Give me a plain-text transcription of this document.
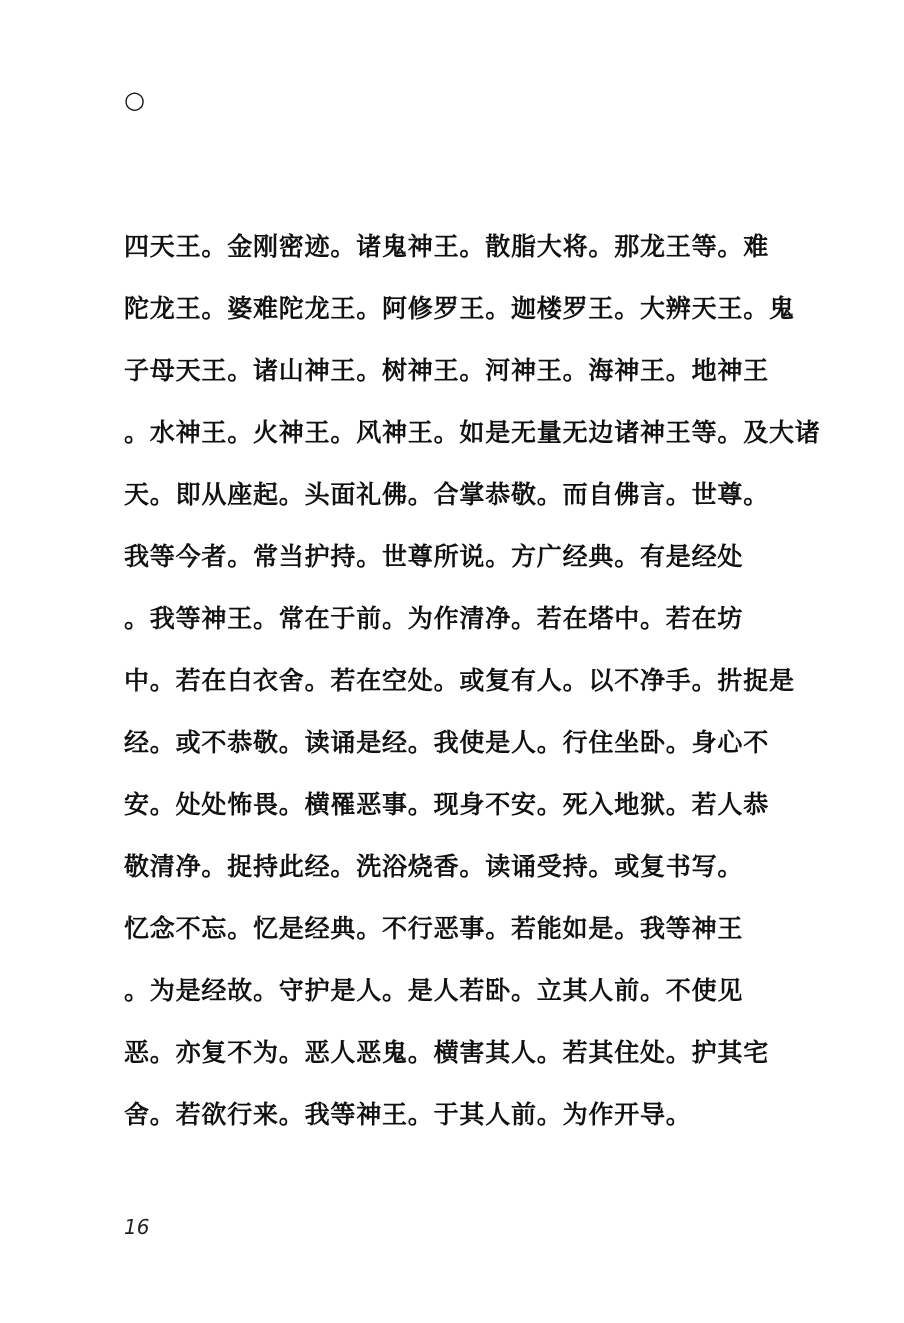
○
四天王。金刚密迹。诸鬼神王。散脂大将。那龙王等。难
陀龙王。婆难陀龙王。阿修罗王。迦楼罗王。大辨天王。鬼
子母天王。诸山神王。树神王。河神王。海神王。地神王
。水神王。火神王。风神王。如是无量无边诸神王等。及大诸
天。即从座起。头面礼佛。合掌恭敬。而自佛言。世尊。
我等今者。常当护持。世尊所说。方广经典。有是经处
。我等神王。常在于前。为作清净。若在塔中。若在坊
中。若在白衣舍。若在空处。或复有人。以不净手。扸捉是
经。或不恭敬。读诵是经。我使是人。行住坐卧。身心不
安。处处怖畏。横罹恶事。现身不安。死入地狱。若人恭
敬清净。捉持此经。洗浴烧香。读诵受持。或复书写。
忆念不忘。忆是经典。不行恶事。若能如是。我等神王
。为是经故。守护是人。是人若卧。立其人前。不使见
恶。亦复不为。恶人恶鬼。横害其人。若其住处。护其宅
舍。若欲行来。我等神王。于其人前。为作开导。
16
